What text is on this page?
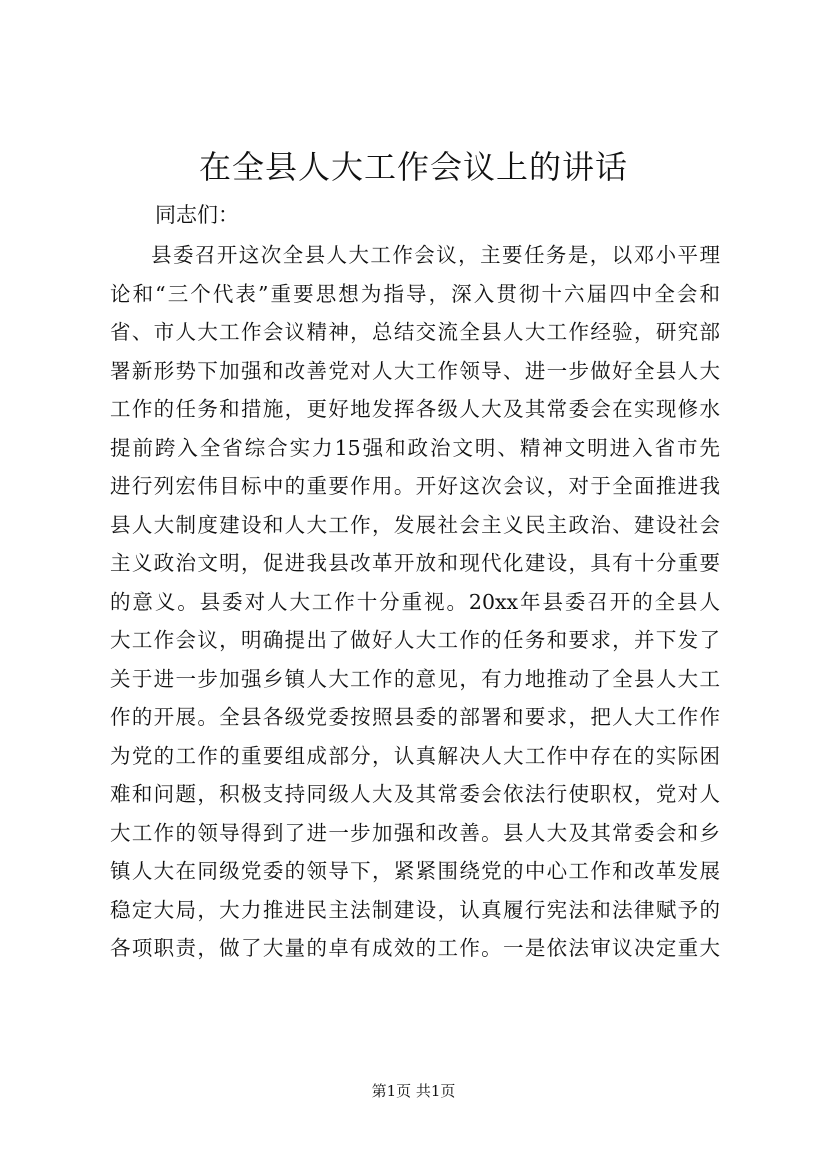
在全县人大工作会议上的讲话

同志们：

县委召开这次全县人大工作会议，主要任务是，以邓小平理
论和“三个代表”重要思想为指导，深入贯彻十六届四中全会和
省、市人大工作会议精神，总结交流全县人大工作经验，研究部
署新形势下加强和改善党对人大工作领导、进一步做好全县人大
工作的任务和措施，更好地发挥各级人大及其常委会在实现修水
提前跨入全省综合实力15强和政治文明、精神文明进入省市先
进行列宏伟目标中的重要作用。开好这次会议，对于全面推进我
县人大制度建设和人大工作，发展社会主义民主政治、建设社会
主义政治文明，促进我县改革开放和现代化建设，具有十分重要
的意义。县委对人大工作十分重视。20xx年县委召开的全县人
大工作会议，明确提出了做好人大工作的任务和要求，并下发了
关于进一步加强乡镇人大工作的意见，有力地推动了全县人大工
作的开展。全县各级党委按照县委的部署和要求，把人大工作作
为党的工作的重要组成部分，认真解决人大工作中存在的实际困
难和问题，积极支持同级人大及其常委会依法行使职权，党对人
大工作的领导得到了进一步加强和改善。县人大及其常委会和乡
镇人大在同级党委的领导下，紧紧围绕党的中心工作和改革发展
稳定大局，大力推进民主法制建设，认真履行宪法和法律赋予的
各项职责，做了大量的卓有成效的工作。一是依法审议决定重大
第1页 共1页
